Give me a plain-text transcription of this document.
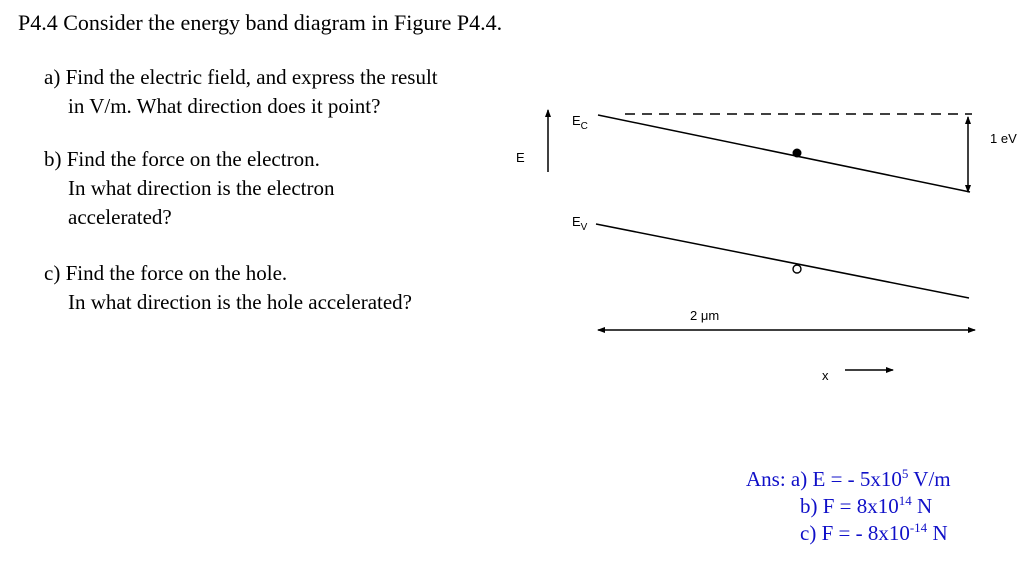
P4.4 Consider the energy band diagram in Figure P4.4.
a) Find the electric field, and express the result
in V/m. What direction does it point?
b) Find the force on the electron.
In what direction is the electron
accelerated?
c) Find the force on the hole.
In what direction is the hole accelerated?
E
$E_C$
1 eV
$E_V$
2 μm
x
Ans: a) E = - $5x10^5$ V/m
b) $F = 8x10^{14}$ N
c) F = - $8x10^{-14}$ N
